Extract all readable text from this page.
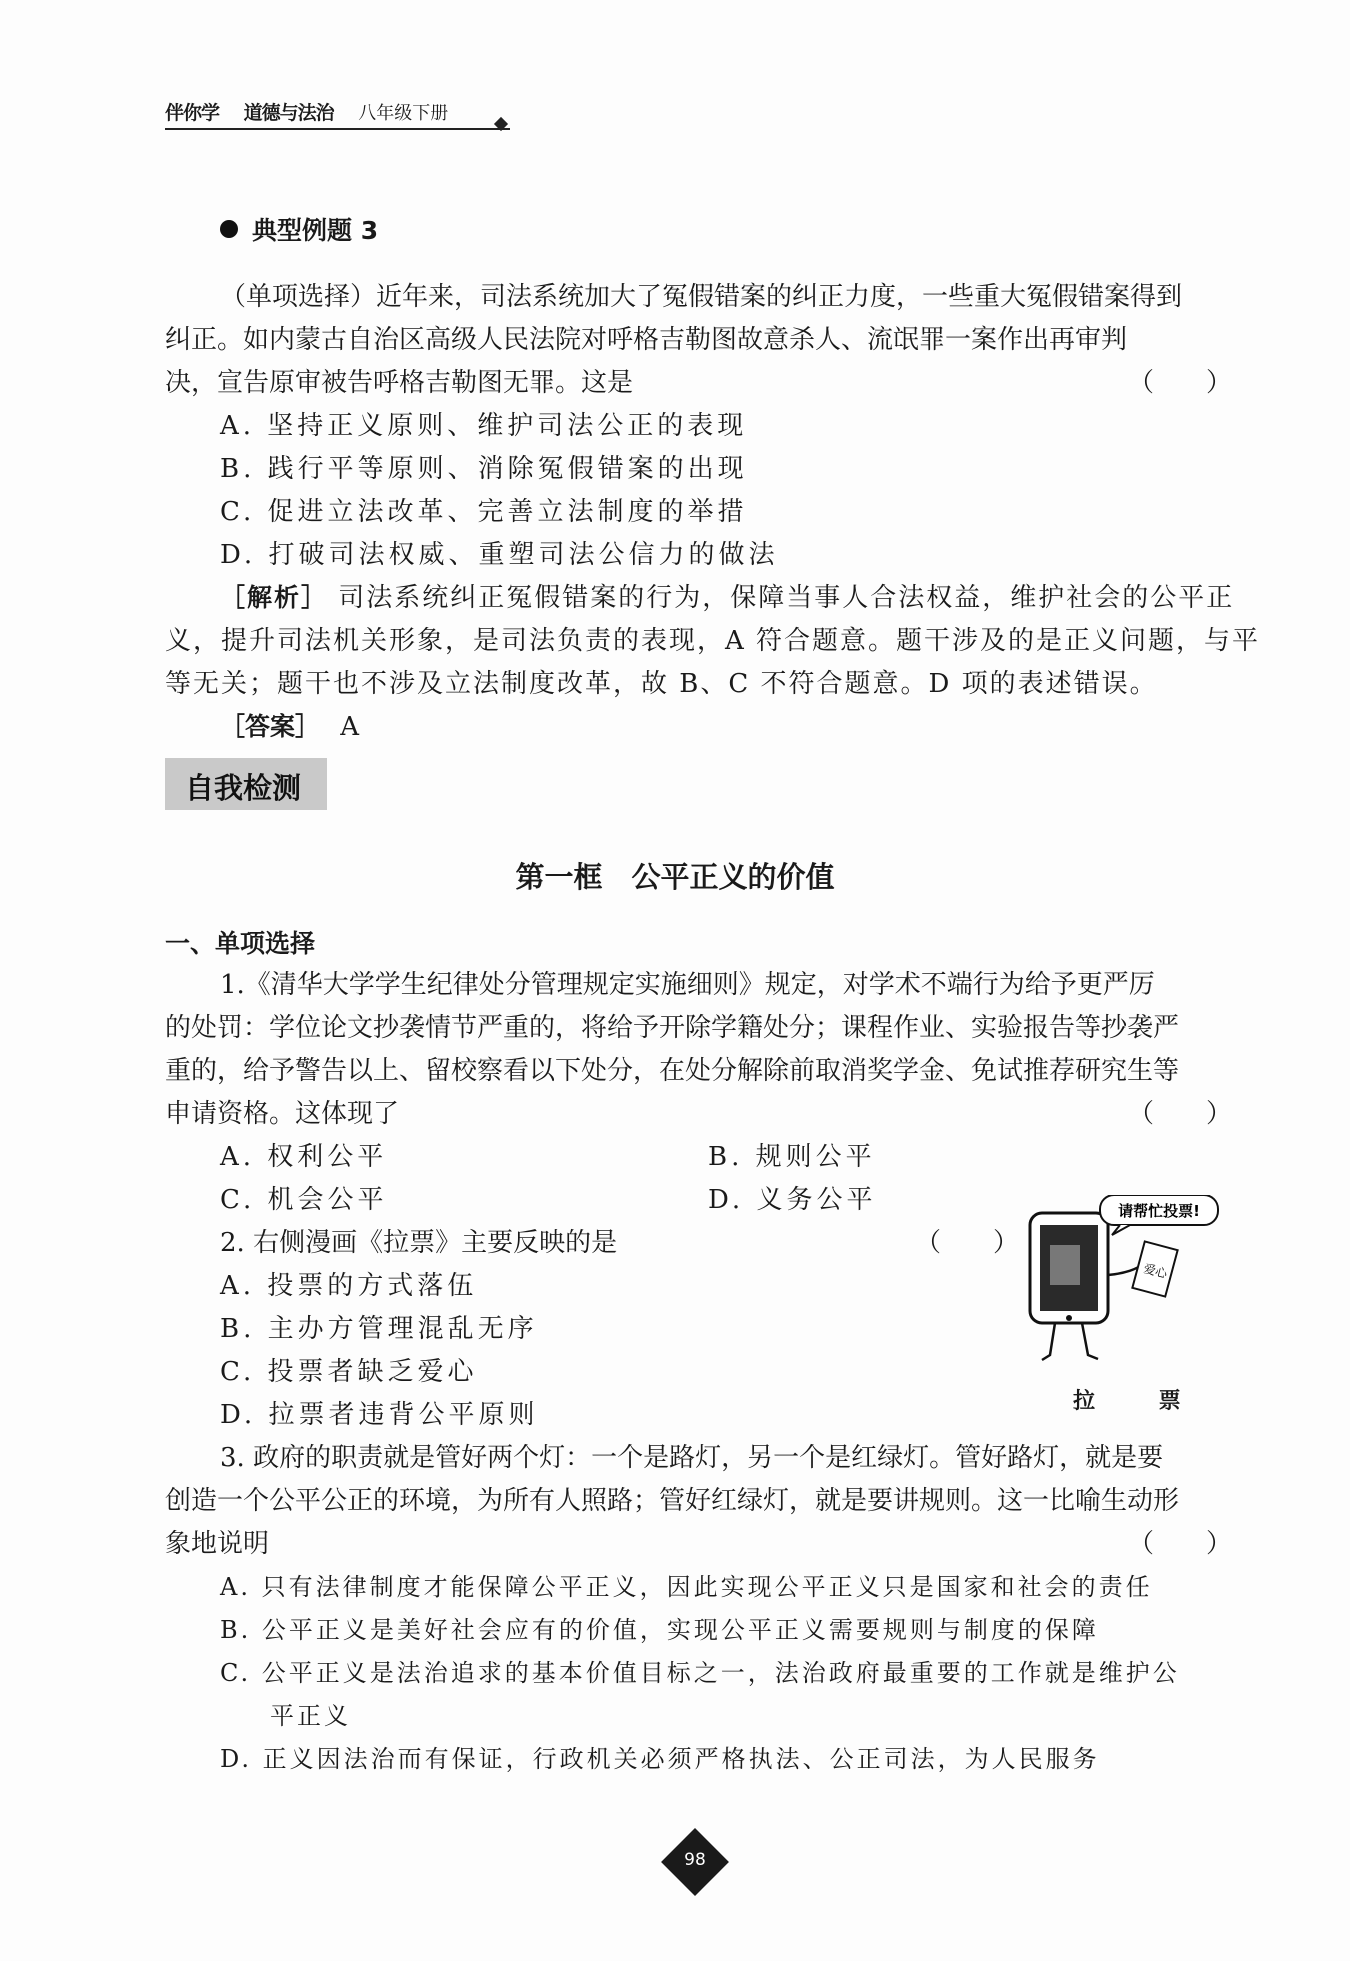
伴你学 道德与法治 八年级下册
典型例题 3
（单项选择）近年来，司法系统加大了冤假错案的纠正力度，一些重大冤假错案得到
纠正。如内蒙古自治区高级人民法院对呼格吉勒图故意杀人、流氓罪一案作出再审判
决，宣告原审被告呼格吉勒图无罪。这是	（　　）
A. 坚持正义原则、维护司法公正的表现
B. 践行平等原则、消除冤假错案的出现
C. 促进立法改革、完善立法制度的举措
D. 打破司法权威、重塑司法公信力的做法
［解析］ 司法系统纠正冤假错案的行为，保障当事人合法权益，维护社会的公平正
义，提升司法机关形象，是司法负责的表现，A 符合题意。题干涉及的是正义问题，与平
等无关；题干也不涉及立法制度改革，故 B、C 不符合题意。D 项的表述错误。
［答案］ A
自我检测
第一框　公平正义的价值
一、单项选择
1.《清华大学学生纪律处分管理规定实施细则》规定，对学术不端行为给予更严厉
的处罚：学位论文抄袭情节严重的，将给予开除学籍处分；课程作业、实验报告等抄袭严
重的，给予警告以上、留校察看以下处分，在处分解除前取消奖学金、免试推荐研究生等
申请资格。这体现了	（　　）
A. 权利公平	B. 规则公平
C. 机会公平	D. 义务公平
2. 右侧漫画《拉票》主要反映的是	（　　）
A. 投票的方式落伍
B. 主办方管理混乱无序
C. 投票者缺乏爱心
D. 拉票者违背公平原则
爱心
请帮忙投票!
拉 票
3. 政府的职责就是管好两个灯：一个是路灯，另一个是红绿灯。管好路灯，就是要
创造一个公平公正的环境，为所有人照路；管好红绿灯，就是要讲规则。这一比喻生动形
象地说明	（　　）
A. 只有法律制度才能保障公平正义，因此实现公平正义只是国家和社会的责任
B. 公平正义是美好社会应有的价值，实现公平正义需要规则与制度的保障
C. 公平正义是法治追求的基本价值目标之一，法治政府最重要的工作就是维护公
平正义
D. 正义因法治而有保证，行政机关必须严格执法、公正司法，为人民服务
98
